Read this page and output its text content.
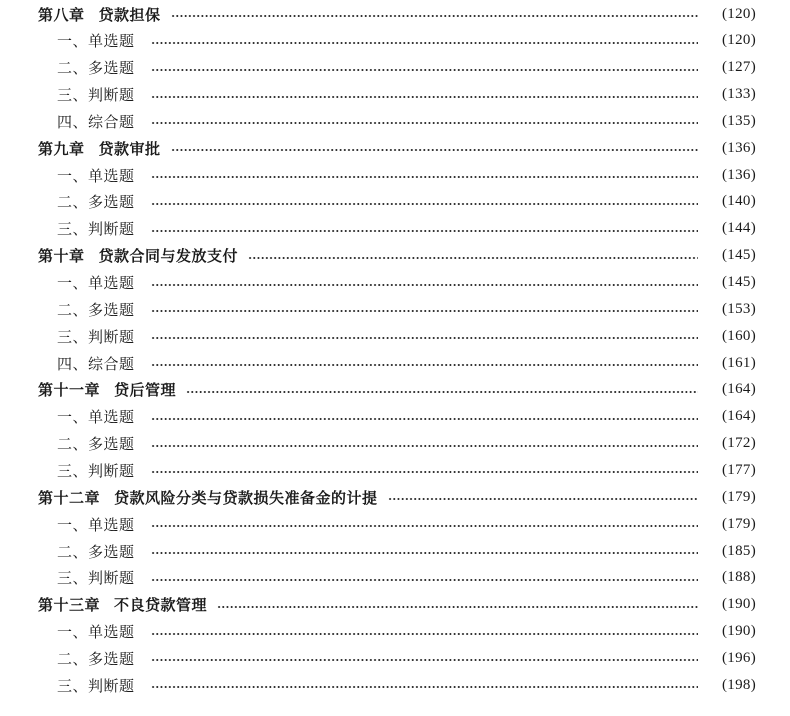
第八章 贷款担保	(120)
一、单选题	(120)
二、多选题	(127)
三、判断题	(133)
四、综合题	(135)
第九章 贷款审批	(136)
一、单选题	(136)
二、多选题	(140)
三、判断题	(144)
第十章 贷款合同与发放支付	(145)
一、单选题	(145)
二、多选题	(153)
三、判断题	(160)
四、综合题	(161)
第十一章 贷后管理	(164)
一、单选题	(164)
二、多选题	(172)
三、判断题	(177)
第十二章 贷款风险分类与贷款损失准备金的计提	(179)
一、单选题	(179)
二、多选题	(185)
三、判断题	(188)
第十三章 不良贷款管理	(190)
一、单选题	(190)
二、多选题	(196)
三、判断题	(198)
